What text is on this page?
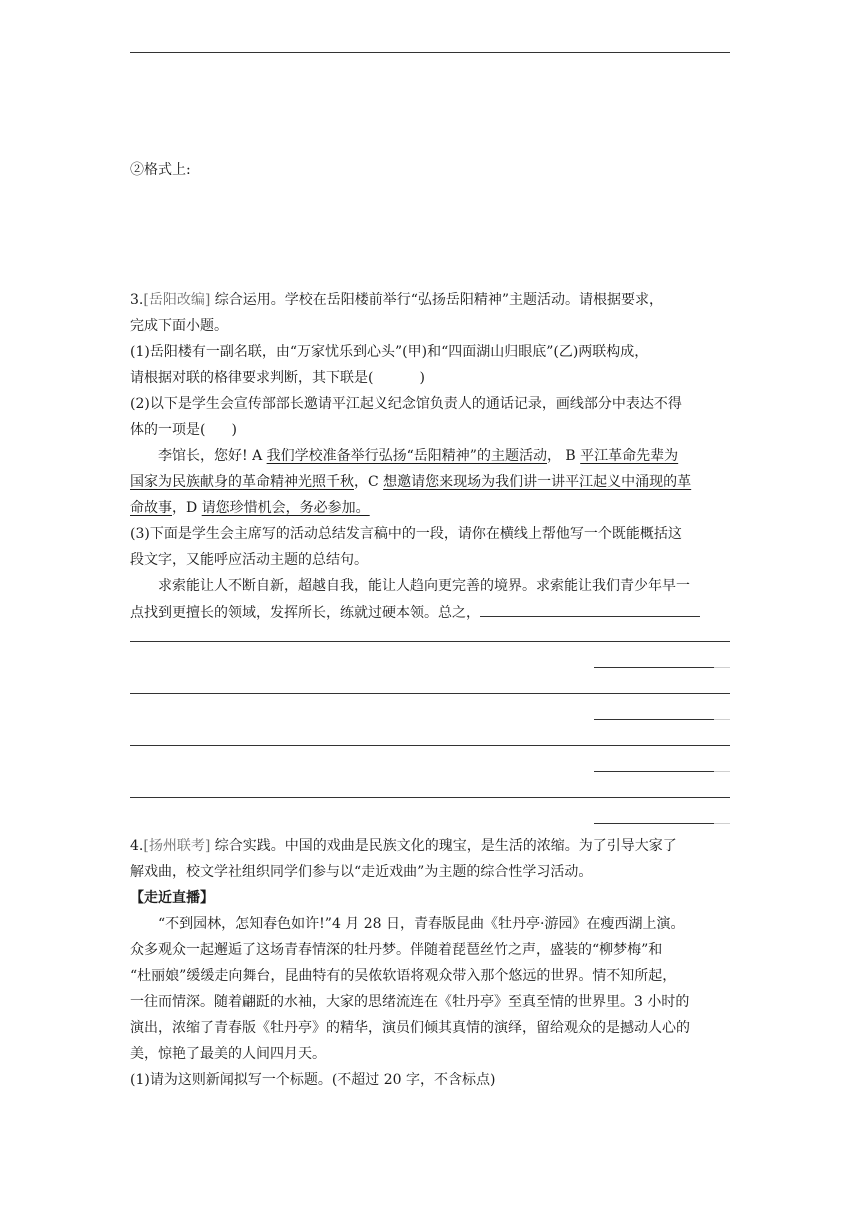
②格式上:
3.[岳阳改编] 综合运用。学校在岳阳楼前举行“弘扬岳阳精神”主题活动。请根据要求，
完成下面小题。
(1)岳阳楼有一副名联，由“万家忧乐到心头”(甲)和“四面湖山归眼底”(乙)两联构成，
请根据对联的格律要求判断，其下联是(	)
(2)以下是学生会宣传部部长邀请平江起义纪念馆负责人的通话记录，画线部分中表达不得
体的一项是( )
李馆长，您好! A 我们学校准备举行弘扬“岳阳精神”的主题活动， B 平江革命先辈为
国家为民族献身的革命精神光照千秋，C 想邀请您来现场为我们讲一讲平江起义中涌现的革
命故事，D 请您珍惜机会，务必参加。
(3)下面是学生会主席写的活动总结发言稿中的一段，请你在横线上帮他写一个既能概括这
段文字，又能呼应活动主题的总结句。
求索能让人不断自新，超越自我，能让人趋向更完善的境界。求索能让我们青少年早一
点找到更擅长的领域，发挥所长，练就过硬本领。总之，
4.[扬州联考] 综合实践。中国的戏曲是民族文化的瑰宝，是生活的浓缩。为了引导大家了
解戏曲，校文学社组织同学们参与以“走近戏曲”为主题的综合性学习活动。
【走近直播】
“不到园林，怎知春色如许!”4 月 28 日，青春版昆曲《牡丹亭·游园》在瘦西湖上演。
众多观众一起邂逅了这场青春情深的牡丹梦。伴随着琵琶丝竹之声，盛装的“柳梦梅”和
“杜丽娘”缓缓走向舞台，昆曲特有的吴侬软语将观众带入那个悠远的世界。情不知所起，
一往而情深。随着翩跹的水袖，大家的思绪流连在《牡丹亭》至真至情的世界里。3 小时的
演出，浓缩了青春版《牡丹亭》的精华，演员们倾其真情的演绎，留给观众的是撼动人心的
美，惊艳了最美的人间四月天。
(1)请为这则新闻拟写一个标题。(不超过 20 字，不含标点)
